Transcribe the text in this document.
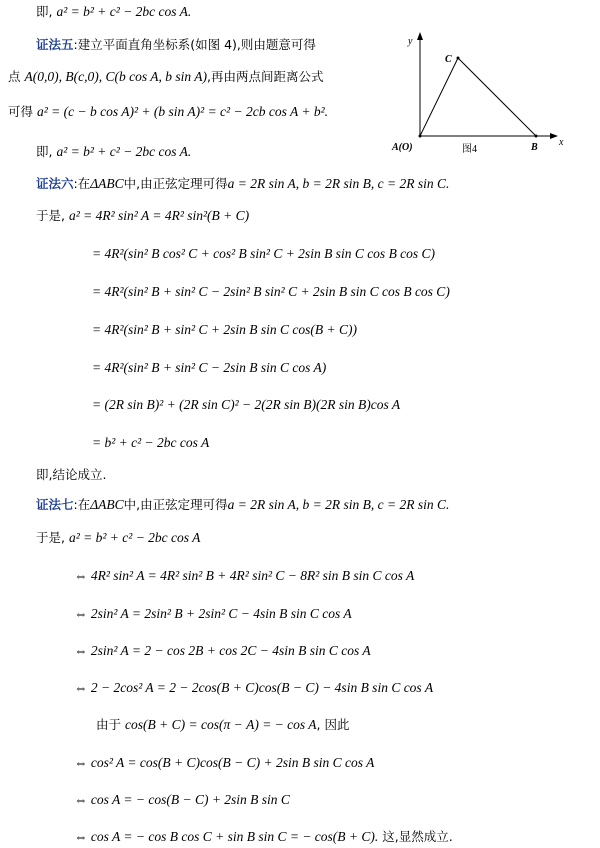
即, a² = b² + c² − 2bc cos A.
证法五:建立平面直角坐标系(如图 4),则由题意可得
点 A(0,0), B(c,0), C(b cos A, b sin A),再由两点间距离公式
可得 a² = (c − b cos A)² + (b sin A)² = c² − 2cb cos A + b².
即, a² = b² + c² − 2bc cos A.
证法六:在ΔABC中,由正弦定理可得a = 2R sin A, b = 2R sin B, c = 2R sin C.
于是, a² = 4R² sin² A = 4R² sin²(B + C)
= 4R²(sin² B cos² C + cos² B sin² C + 2sin B sin C cos B cos C)
= 4R²(sin² B + sin² C − 2sin² B sin² C + 2sin B sin C cos B cos C)
= 4R²(sin² B + sin² C + 2sin B sin C cos(B + C))
= 4R²(sin² B + sin² C − 2sin B sin C cos A)
= (2R sin B)² + (2R sin C)² − 2(2R sin B)(2R sin B)cos A
= b² + c² − 2bc cos A
即,结论成立.
证法七:在ΔABC中,由正弦定理可得a = 2R sin A, b = 2R sin B, c = 2R sin C.
于是, a² = b² + c² − 2bc cos A
⇔ 4R² sin² A = 4R² sin² B + 4R² sin² C − 8R² sin B sin C cos A
⇔ 2sin² A = 2sin² B + 2sin² C − 4sin B sin C cos A
⇔ 2sin² A = 2 − cos 2B + cos 2C − 4sin B sin C cos A
⇔ 2 − 2cos² A = 2 − 2cos(B + C)cos(B − C) − 4sin B sin C cos A
由于 cos(B + C) = cos(π − A) = − cos A, 因此
⇔ cos² A = cos(B + C)cos(B − C) + 2sin B sin C cos A
⇔ cos A = − cos(B − C) + 2sin B sin C
⇔ cos A = − cos B cos C + sin B sin C = − cos(B + C). 这,显然成立.
y
x
C
B
A(O)	图4
